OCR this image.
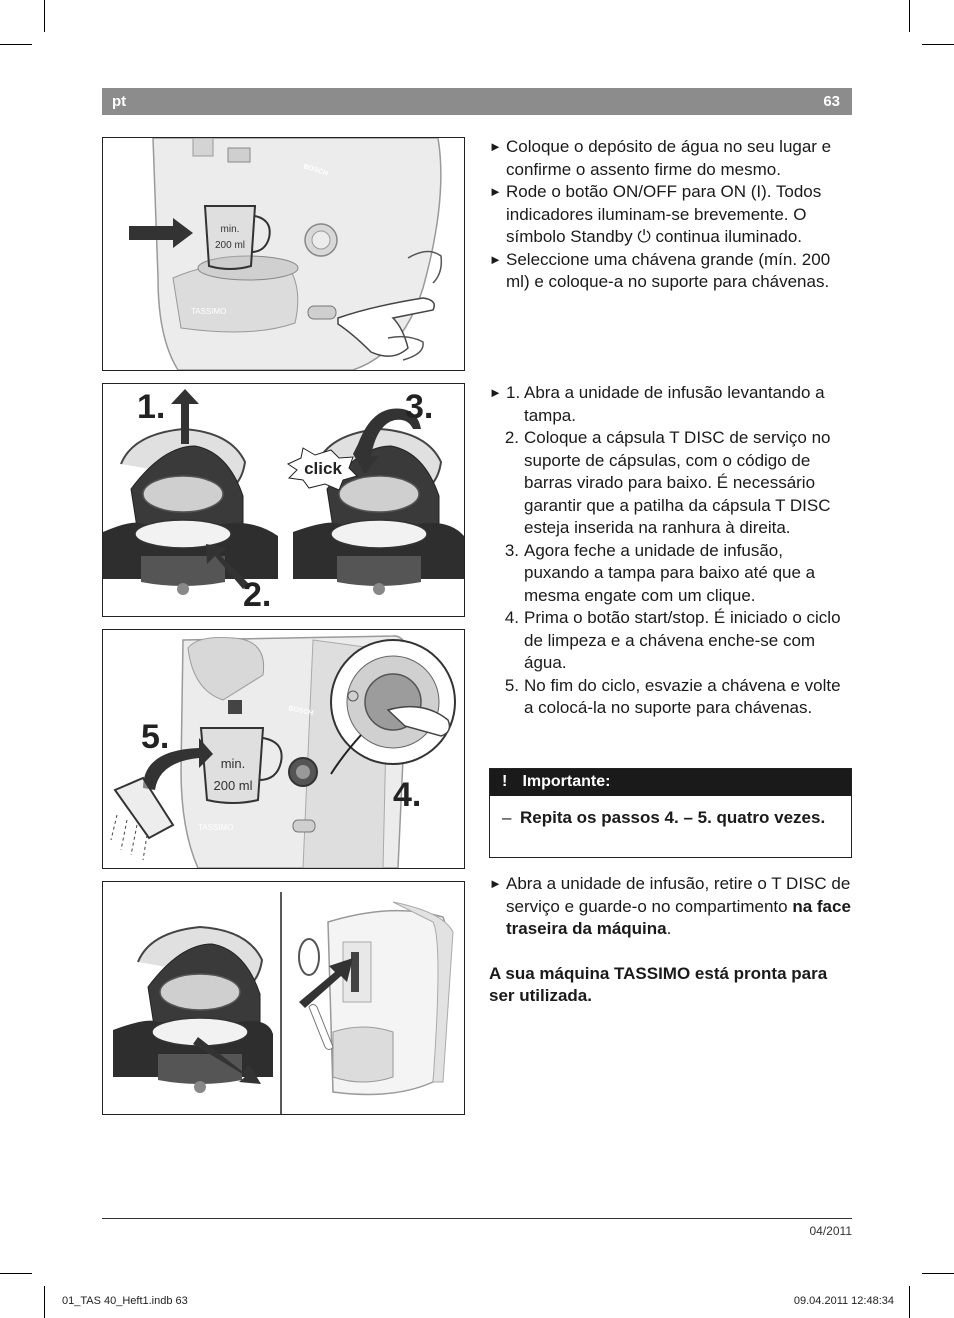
pt	63
TASSIMO
BOSCH
min.
200 ml
click
1.
2.
3.
BOSCH
TASSIMO
min.
200 ml
5.
4.
► Coloque o depósito de água no seu lugar e confirme o assento firme do mesmo.
► Rode o botão ON/OFF para ON (I). Todos indicadores iluminam-se brevemente. O símbolo Standby ⏻ continua iluminado.
► Seleccione uma chávena grande (mín. 200 ml) e coloque-a no suporte para chávenas.
► 1. Abra a unidade de infusão levantando a tampa.
2. Coloque a cápsula T DISC de serviço no suporte de cápsulas, com o código de barras virado para baixo. É necessário garantir que a patilha da cápsula T DISC esteja inserida na ranhura à direita.
3. Agora feche a unidade de infusão, puxando a tampa para baixo até que a mesma engate com um clique.
4. Prima o botão start/stop. É iniciado o ciclo de limpeza e a chávena enche-se com água.
5. No fim do ciclo, esvazie a chávena e volte a colocá-la no suporte para chávenas.
! Importante:
– Repita os passos 4. – 5. quatro vezes.
► Abra a unidade de infusão, retire o T DISC de serviço e guarde-o no compartimento na face traseira da máquina.
A sua máquina TASSIMO está pronta para ser utilizada.
04/2011
01_TAS 40_Heft1.indb 63	09.04.2011 12:48:34
